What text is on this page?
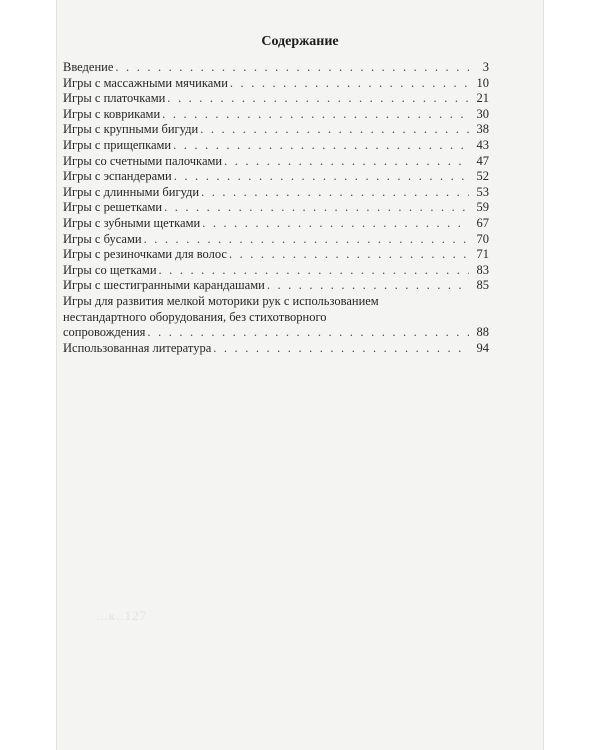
Содержание
Введение . . .	3
Игры с массажными мячиками . . .	10
Игры с платочками . . .	21
Игры с ковриками . . .	30
Игры с крупными бигуди . . .	38
Игры с прищепками . . .	43
Игры со счетными палочками . . .	47
Игры с эспандерами . . .	52
Игры с длинными бигуди . . .	53
Игры с решетками . . .	59
Игры с зубными щетками . . .	67
Игры с бусами . . .	70
Игры с резиночками для волос . . .	71
Игры со щетками . . .	83
Игры с шестигранными карандашами . . .	85
Игры для развития мелкой моторики рук с использованием
нестандартного оборудования, без стихотворного
сопровождения . . .	88
Использованная литература . . .	94
...к..127
